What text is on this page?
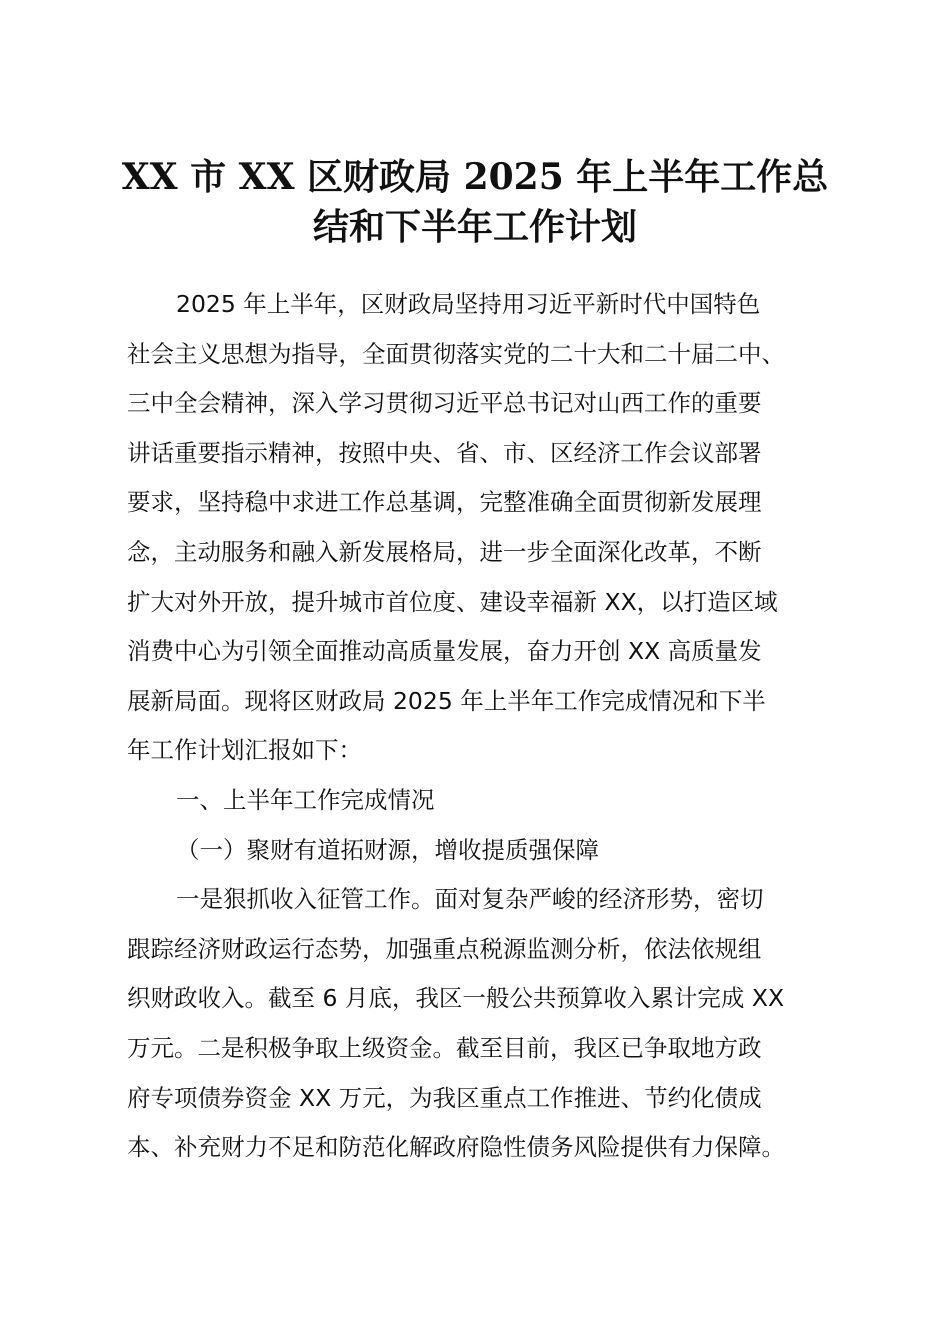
XX 市 XX 区财政局 2025 年上半年工作总
结和下半年工作计划
2025 年上半年，区财政局坚持用习近平新时代中国特色
社会主义思想为指导，全面贯彻落实党的二十大和二十届二中、
三中全会精神，深入学习贯彻习近平总书记对山西工作的重要
讲话重要指示精神，按照中央、省、市、区经济工作会议部署
要求，坚持稳中求进工作总基调，完整准确全面贯彻新发展理
念，主动服务和融入新发展格局，进一步全面深化改革，不断
扩大对外开放，提升城市首位度、建设幸福新 XX，以打造区域
消费中心为引领全面推动高质量发展，奋力开创 XX 高质量发
展新局面。现将区财政局 2025 年上半年工作完成情况和下半
年工作计划汇报如下：
一、上半年工作完成情况
（一）聚财有道拓财源，增收提质强保障
一是狠抓收入征管工作。面对复杂严峻的经济形势，密切
跟踪经济财政运行态势，加强重点税源监测分析，依法依规组
织财政收入。截至 6 月底，我区一般公共预算收入累计完成 XX
万元。二是积极争取上级资金。截至目前，我区已争取地方政
府专项债券资金 XX 万元，为我区重点工作推进、节约化债成
本、补充财力不足和防范化解政府隐性债务风险提供有力保障。
